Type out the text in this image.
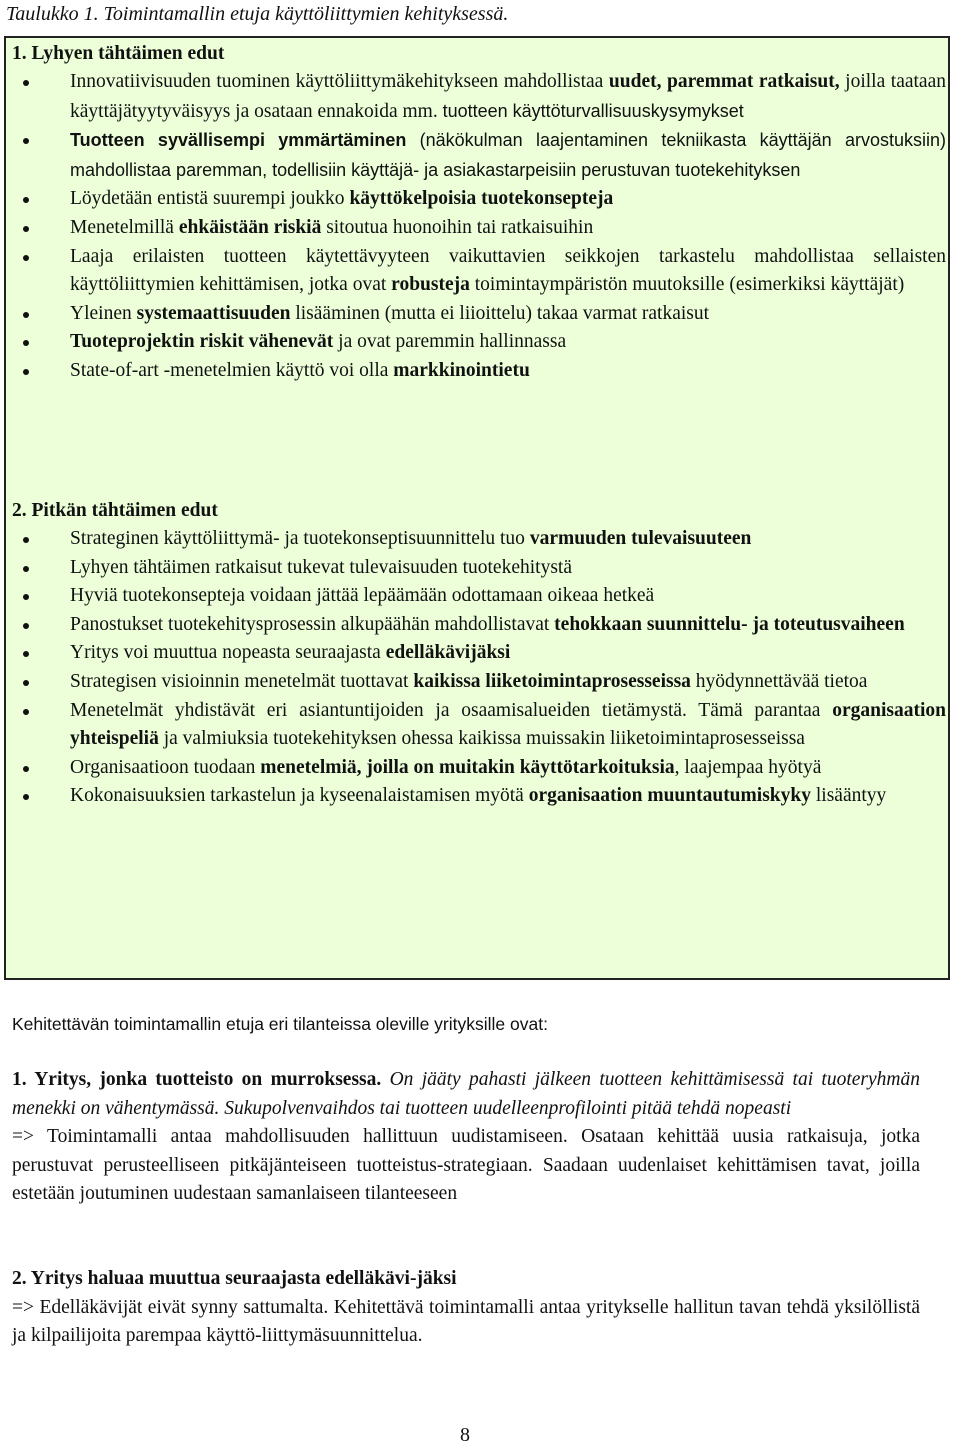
Taulukko 1. Toimintamallin etuja käyttöliittymien kehityksessä.
1. Lyhyen tähtäimen edut
Innovatiivisuuden tuominen käyttöliittymäkehitykseen mahdollistaa uudet, paremmat ratkaisut, joilla taataan käyttäjätyytyväisyys ja osataan ennakoida mm. tuotteen käyttöturvallisuuskysymykset
Tuotteen syvällisempi ymmärtäminen (näkökulman laajentaminen tekniikasta käyttäjän arvostuksiin) mahdollistaa paremman, todellisiin käyttäjä- ja asiakastarpeisiin perustuvan tuotekehityksen
Löydetään entistä suurempi joukko käyttökelpoisia tuotekonsepteja
Menetelmillä ehkäistään riskiä sitoutua huonoihin tai ratkaisuihin
Laaja erilaisten tuotteen käytettävyyteen vaikuttavien seikkojen tarkastelu mahdollistaa sellaisten käyttöliittymien kehittämisen, jotka ovat robusteja toimintaympäristön muutoksille (esimerkiksi käyttäjät)
Yleinen systemaattisuuden lisääminen (mutta ei liioittelu) takaa varmat ratkaisut
Tuoteprojektin riskit vähenevät ja ovat paremmin hallinnassa
State-of-art -menetelmien käyttö voi olla markkinointietu
2. Pitkän tähtäimen edut
Strateginen käyttöliittymä- ja tuotekonseptisuunnittelu tuo varmuuden tulevaisuuteen
Lyhyen tähtäimen ratkaisut tukevat tulevaisuuden tuotekehitystä
Hyviä tuotekonsepteja voidaan jättää lepäämään odottamaan oikeaa hetkeä
Panostukset tuotekehitysprosessin alkupäähän mahdollistavat tehokkaan suunnittelu- ja toteutusvaiheen
Yritys voi muuttua nopeasta seuraajasta edelläkävijäksi
Strategisen visioinnin menetelmät tuottavat kaikissa liiketoimintaprosesseissa hyödynnettävää tietoa
Menetelmät yhdistävät eri asiantuntijoiden ja osaamisalueiden tietämystä. Tämä parantaa organisaation yhteispeliä ja valmiuksia tuotekehityksen ohessa kaikissa muissakin liiketoimintaprosesseissa
Organisaatioon tuodaan menetelmiä, joilla on muitakin käyttötarkoituksia, laajempaa hyötyä
Kokonaisuuksien tarkastelun ja kyseenalaistamisen myötä organisaation muuntautumiskyky lisääntyy
Kehitettävän toimintamallin etuja eri tilanteissa oleville yrityksille ovat:
1. Yritys, jonka tuotteisto on murroksessa. On jääty pahasti jälkeen tuotteen kehittämisessä tai tuoteryhmän menekki on vähentymässä. Sukupolvenvaihdos tai tuotteen uudelleenprofilointi pitää tehdä nopeasti
=> Toimintamalli antaa mahdollisuuden hallittuun uudistamiseen. Osataan kehittää uusia ratkaisuja, jotka perustuvat perusteelliseen pitkäjänteiseen tuotteistus-strategiaan. Saadaan uudenlaiset kehittämisen tavat, joilla estetään joutuminen uudestaan samanlaiseen tilanteeseen
2. Yritys haluaa muuttua seuraajasta edelläkävi-jäksi
=> Edelläkävijät eivät synny sattumalta. Kehitettävä toimintamalli antaa yritykselle hallitun tavan tehdä yksilöllistä ja kilpailijoita parempaa käyttö-liittymäsuunnittelua.
8
